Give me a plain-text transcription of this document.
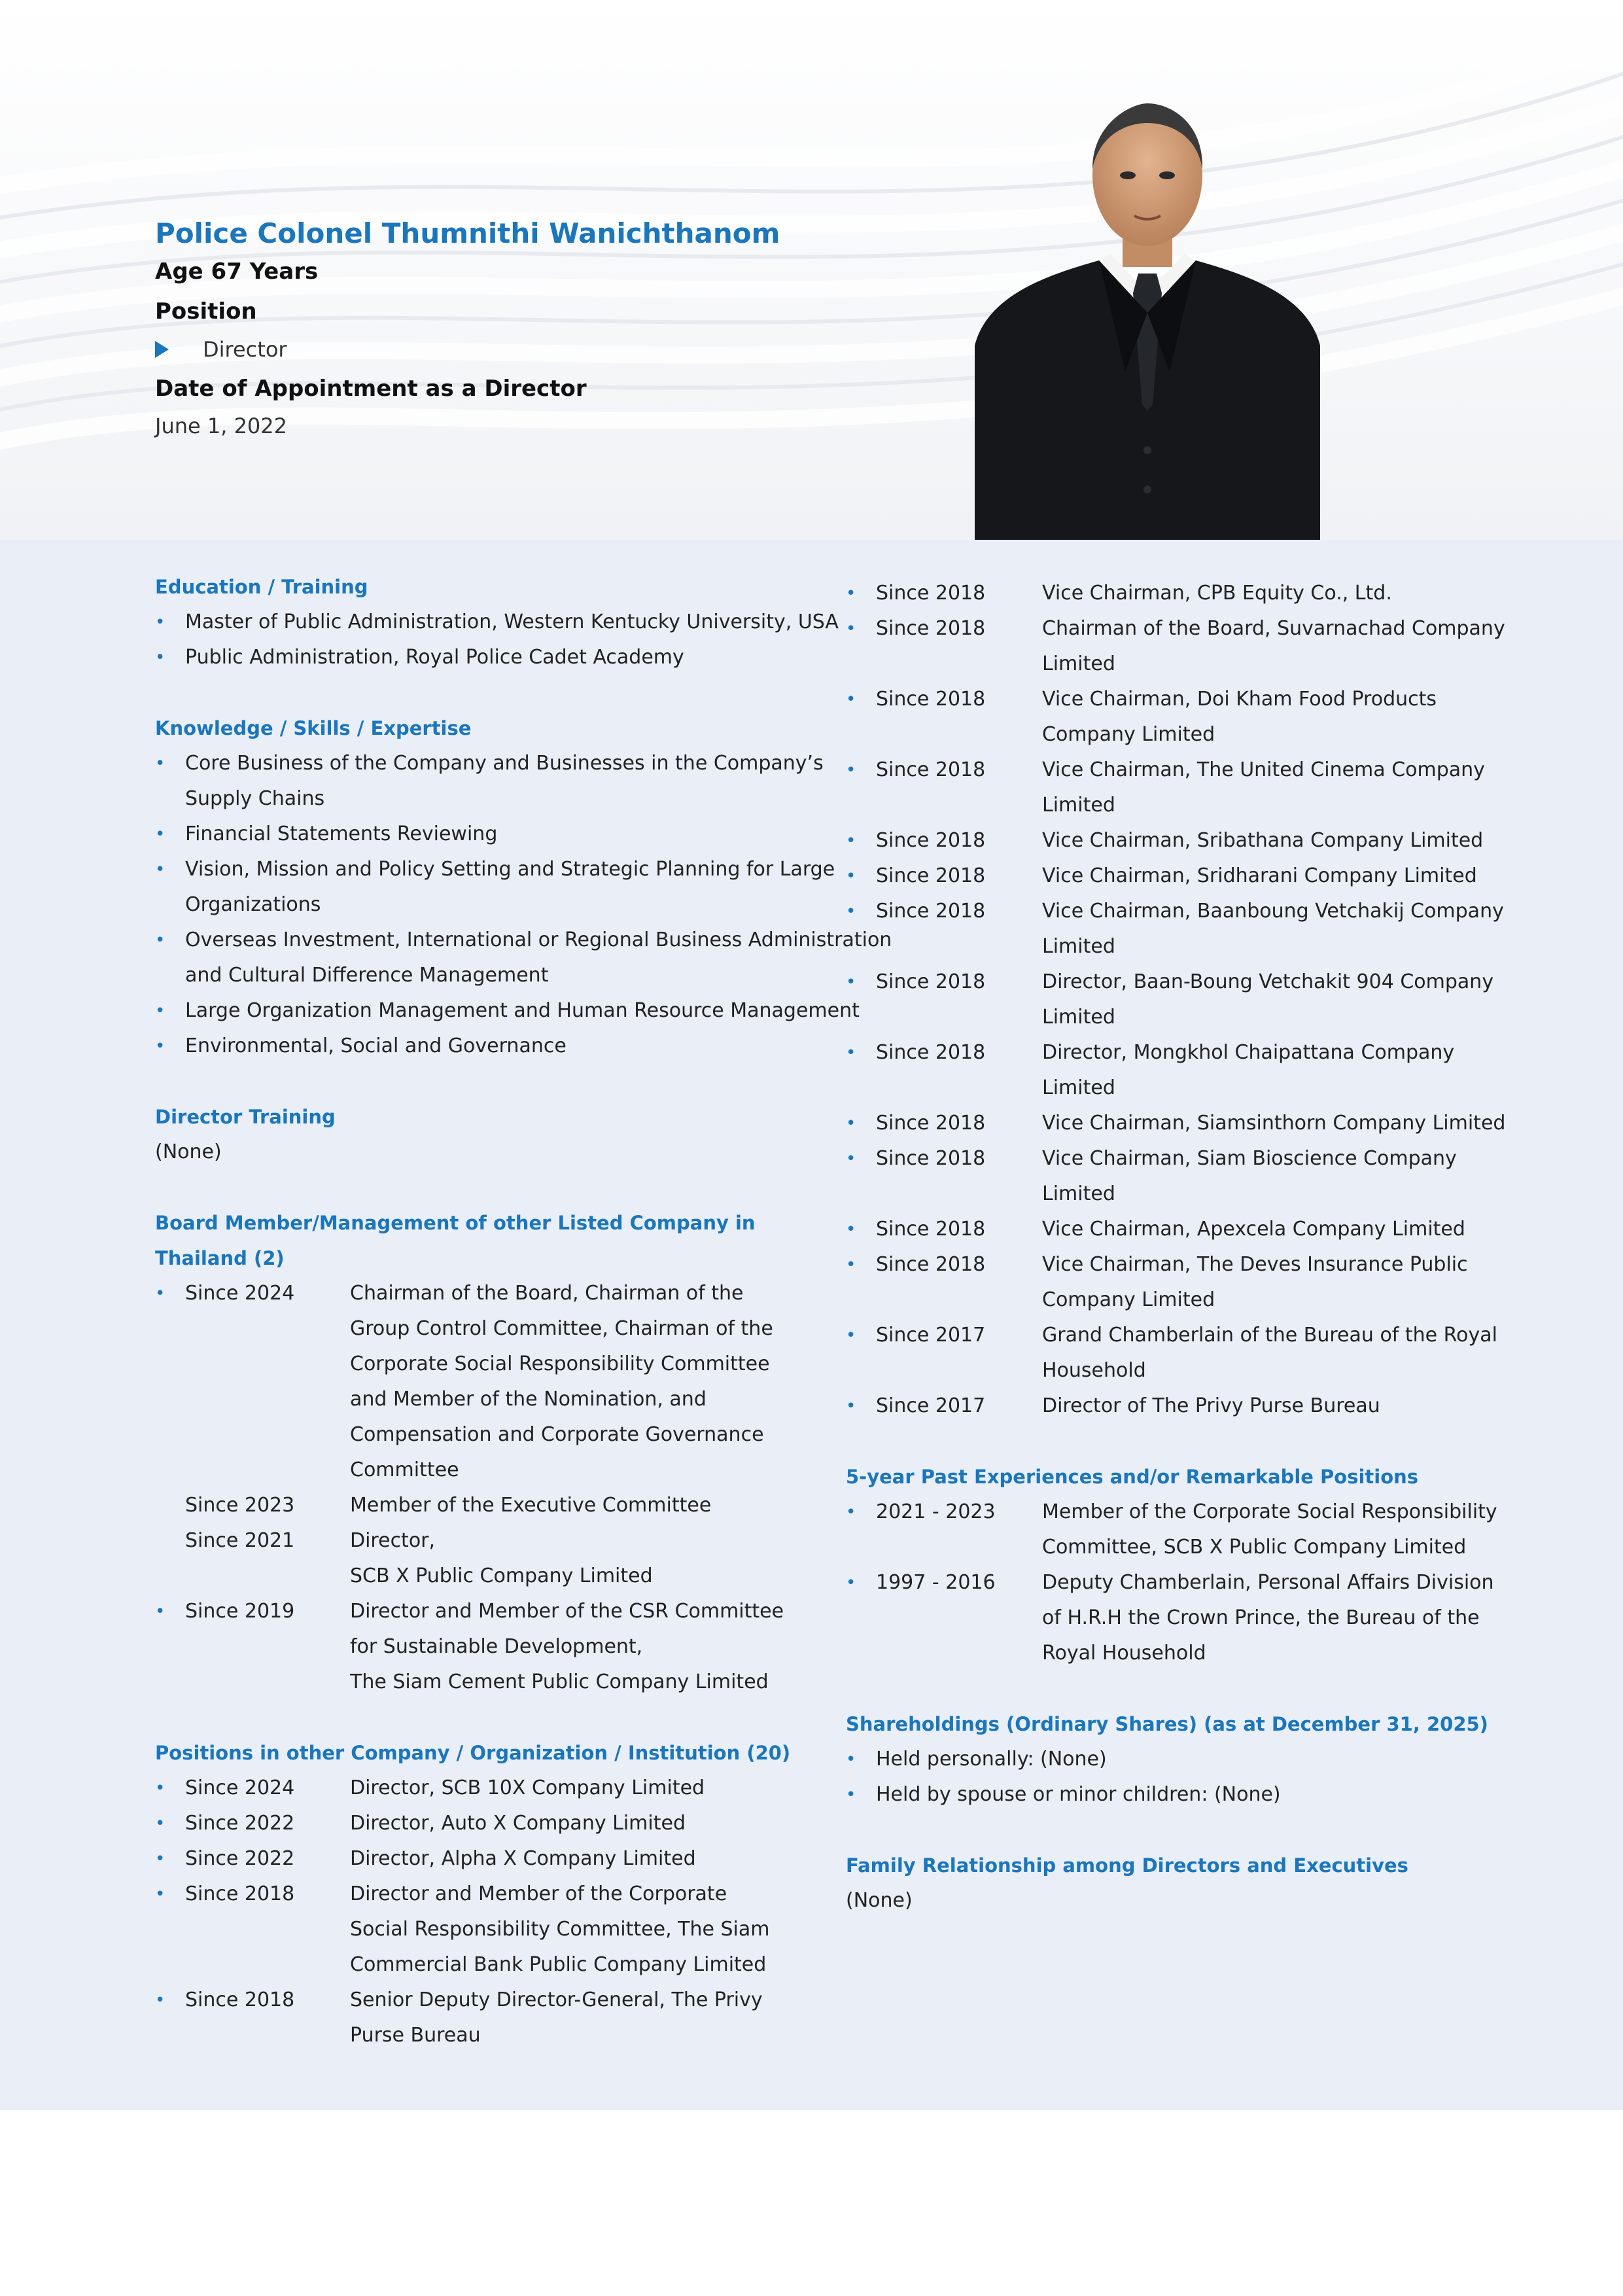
Police Colonel Thumnithi Wanichthanom
Age 67 Years
Position
Director
Date of Appointment as a Director
June 1, 2022
Education / Training
• Master of Public Administration, Western Kentucky University, USA
• Public Administration, Royal Police Cadet Academy
Knowledge / Skills / Expertise
• Core Business of the Company and Businesses in the Company’s
Supply Chains
• Financial Statements Reviewing
• Vision, Mission and Policy Setting and Strategic Planning for Large
Organizations
• Overseas Investment, International or Regional Business Administration
and Cultural Difference Management
• Large Organization Management and Human Resource Management
• Environmental, Social and Governance
Director Training
(None)
Board Member/Management of other Listed Company in
Thailand (2)
• Since 2024	Chairman of the Board, Chairman of the
Group Control Committee, Chairman of the
Corporate Social Responsibility Committee
and Member of the Nomination, and
Compensation and Corporate Governance
Committee
Since 2023	Member of the Executive Committee
Since 2021	Director,
SCB X Public Company Limited
• Since 2019	Director and Member of the CSR Committee
for Sustainable Development,
The Siam Cement Public Company Limited
Positions in other Company / Organization / Institution (20)
• Since 2024	Director, SCB 10X Company Limited
• Since 2022	Director, Auto X Company Limited
• Since 2022	Director, Alpha X Company Limited
• Since 2018	Director and Member of the Corporate
Social Responsibility Committee, The Siam
Commercial Bank Public Company Limited
• Since 2018	Senior Deputy Director-General, The Privy
Purse Bureau
• Since 2018	Vice Chairman, CPB Equity Co., Ltd.
• Since 2018	Chairman of the Board, Suvarnachad Company
Limited
• Since 2018	Vice Chairman, Doi Kham Food Products
Company Limited
• Since 2018	Vice Chairman, The United Cinema Company
Limited
• Since 2018	Vice Chairman, Sribathana Company Limited
• Since 2018	Vice Chairman, Sridharani Company Limited
• Since 2018	Vice Chairman, Baanboung Vetchakij Company
Limited
• Since 2018	Director, Baan-Boung Vetchakit 904 Company
Limited
• Since 2018	Director, Mongkhol Chaipattana Company
Limited
• Since 2018	Vice Chairman, Siamsinthorn Company Limited
• Since 2018	Vice Chairman, Siam Bioscience Company
Limited
• Since 2018	Vice Chairman, Apexcela Company Limited
• Since 2018	Vice Chairman, The Deves Insurance Public
Company Limited
• Since 2017	Grand Chamberlain of the Bureau of the Royal
Household
• Since 2017	Director of The Privy Purse Bureau
5-year Past Experiences and/or Remarkable Positions
• 2021 - 2023 Member of the Corporate Social Responsibility
Committee, SCB X Public Company Limited
• 1997 - 2016 Deputy Chamberlain, Personal Affairs Division
of H.R.H the Crown Prince, the Bureau of the
Royal Household
Shareholdings (Ordinary Shares) (as at December 31, 2025)
• Held personally: (None)
• Held by spouse or minor children: (None)
Family Relationship among Directors and Executives
(None)
